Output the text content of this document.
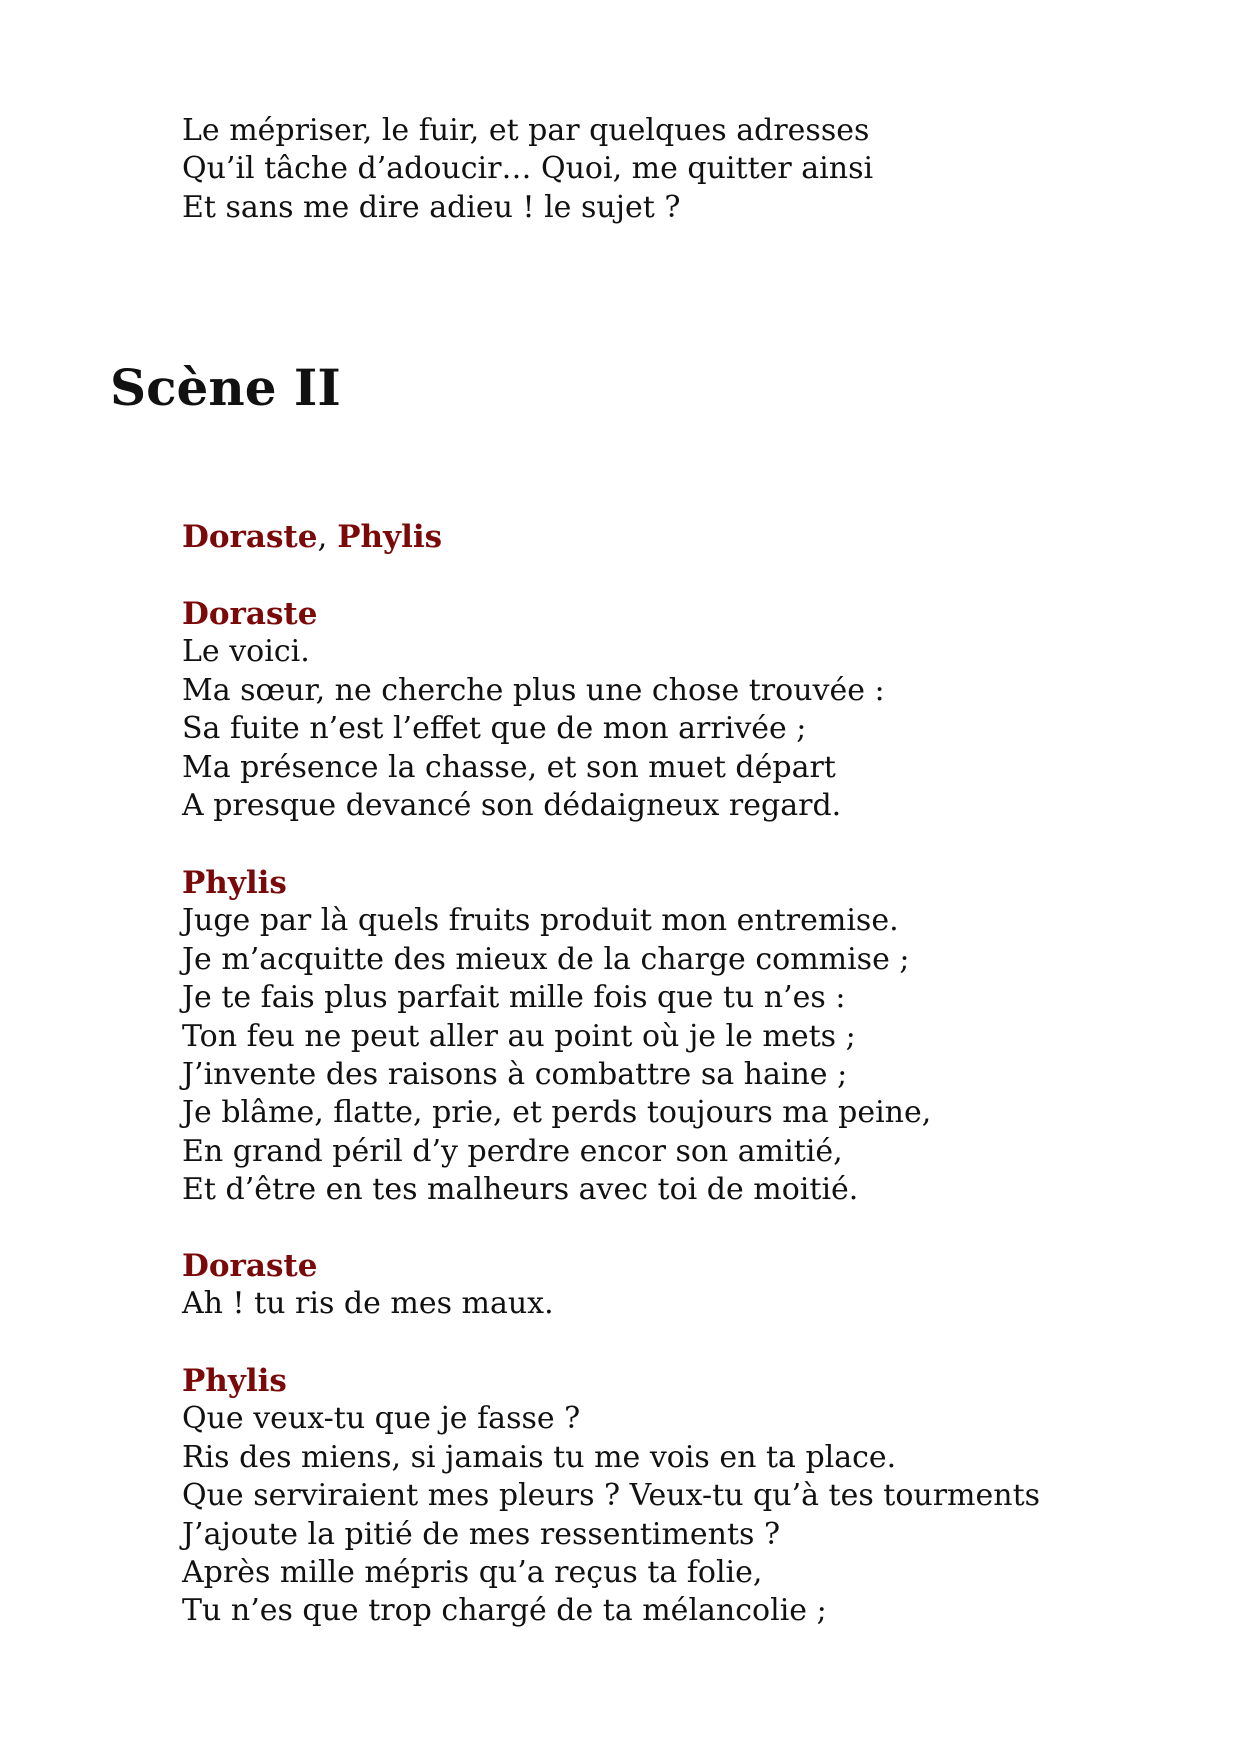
Le mépriser, le fuir, et par quelques adresses
Qu’il tâche d’adoucir… Quoi, me quitter ainsi
Et sans me dire adieu ! le sujet ?
Scène II
Doraste, Phylis
Doraste
Le voici.
Ma sœur, ne cherche plus une chose trouvée :
Sa fuite n’est l’effet que de mon arrivée ;
Ma présence la chasse, et son muet départ
A presque devancé son dédaigneux regard.
Phylis
Juge par là quels fruits produit mon entremise.
Je m’acquitte des mieux de la charge commise ;
Je te fais plus parfait mille fois que tu n’es :
Ton feu ne peut aller au point où je le mets ;
J’invente des raisons à combattre sa haine ;
Je blâme, flatte, prie, et perds toujours ma peine,
En grand péril d’y perdre encor son amitié,
Et d’être en tes malheurs avec toi de moitié.
Doraste
Ah ! tu ris de mes maux.
Phylis
Que veux-tu que je fasse ?
Ris des miens, si jamais tu me vois en ta place.
Que serviraient mes pleurs ? Veux-tu qu’à tes tourments
J’ajoute la pitié de mes ressentiments ?
Après mille mépris qu’a reçus ta folie,
Tu n’es que trop chargé de ta mélancolie ;
